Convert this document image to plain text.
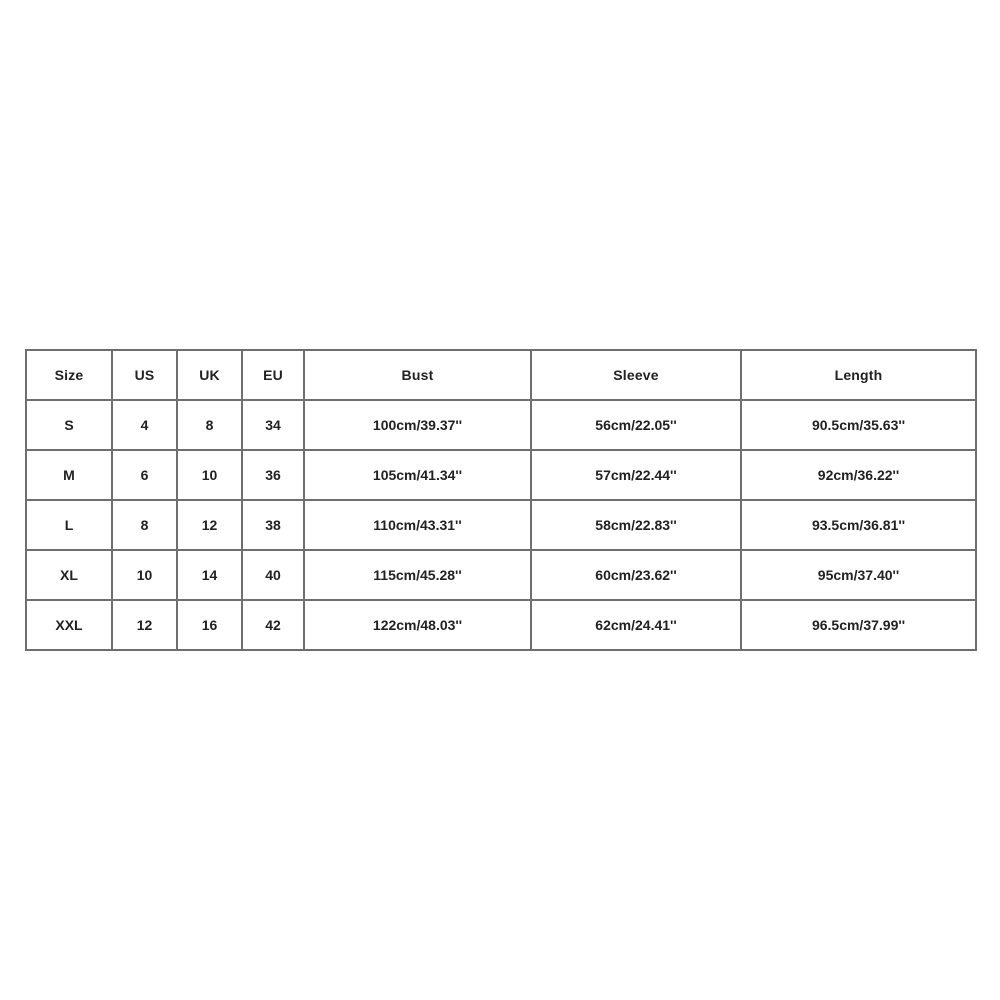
Size	US	UK	EU	Bust	Sleeve	Length
S	4	8	34	100cm/39.37''	56cm/22.05''	90.5cm/35.63''
M	6	10	36	105cm/41.34''	57cm/22.44''	92cm/36.22''
L	8	12	38	110cm/43.31''	58cm/22.83''	93.5cm/36.81''
XL	10	14	40	115cm/45.28''	60cm/23.62''	95cm/37.40''
XXL	12	16	42	122cm/48.03''	62cm/24.41''	96.5cm/37.99''
